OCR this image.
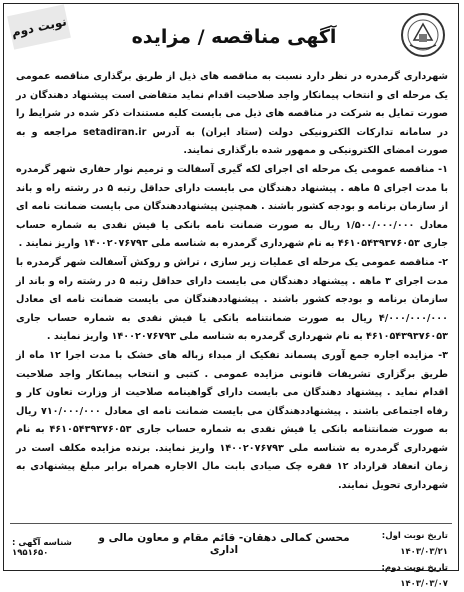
نوبت دوم	آگهی مناقصه / مزایده

شهرداری گرمدره در نظر دارد نسبت به مناقصه های ذیل از طریق برگذاری مناقصه عمومی یک مرحله ای و انتخاب پیمانکار واجد صلاحیت اقدام نماید متقاضی است پیشنهاد دهندگان در صورت تمایل به شرکت در مناقصه های ذیل می بایست کلیه مستندات ذکر شده در شرایط را در سامانه تدارکات الکترونیکی دولت (ستاد ایران) به آدرس setadiran.ir مراجعه و به صورت امضای الکترونیکی و ممهور شده بارگذاری نمایند.

۱- مناقصه عمومی یک مرحله ای اجرای لکه گیری آسفالت و ترمیم نوار حفاری شهر گرمدره با مدت اجرای ۵ ماهه . پیشنهاد دهندگان می بایست دارای حداقل رتبه ۵ در رشته راه و باند از سازمان برنامه و بودجه کشور باشند . همچنین پیشنهاددهندگان می بایست ضمانت نامه ای معادل ۱/۵۰۰/۰۰۰/۰۰۰ ریال به صورت ضمانت نامه بانکی یا فیش نقدی به شماره حساب جاری ۴۶۱۰۵۴۳۹۳۷۶۰۵۳ به نام شهرداری گرمدره به شناسه ملی ۱۴۰۰۲۰۷۶۷۹۳ واریز نمایند .

۲- مناقصه عمومی یک مرحله ای عملیات زیر سازی ، تراش و روکش آسفالت شهر گرمدره با مدت اجرای ۳ ماهه . پیشنهاد دهندگان می بایست دارای حداقل رتبه ۵ در رشته راه و باند از سازمان برنامه و بودجه کشور باشند . پیشنهاددهندگان می بایست ضمانت نامه ای معادل ۴/۰۰۰/۰۰۰/۰۰۰ ریال به صورت ضمانتنامه بانکی یا فیش نقدی به شماره حساب جاری ۴۶۱۰۵۴۳۹۳۷۶۰۵۳ به نام شهرداری گرمدره به شناسه ملی ۱۴۰۰۲۰۷۶۷۹۳ واریز نمایند .

۳- مزایده اجاره جمع آوری پسماند تفکیک از مبداء زباله های خشک با مدت اجرا ۱۲ ماه از طریق برگزاری تشریفات قانونی مزایده عمومی . کتبی و انتخاب پیمانکار واجد صلاحیت اقدام نماید . پیشنهاد دهندگان می بایست دارای گواهینامه صلاحیت از وزارت تعاون کار و رفاه اجتماعی باشند . پیشنهاددهندگان می بایست ضمانت نامه ای معادل ۷۱۰/۰۰۰/۰۰۰ ریال به صورت ضمانتنامه بانکی یا فیش نقدی به شماره حساب جاری ۴۶۱۰۵۴۳۹۳۷۶۰۵۳ به نام شهرداری گرمدره به شناسه ملی ۱۴۰۰۲۰۷۶۷۹۳ واریز نمایند. برنده مزایده مکلف است در زمان انعقاد قرارداد ۱۲ فقره چک صیادی بابت مال الاجاره همراه برابر مبلغ پیشنهادی به شهرداری تحویل نمایند.

تاریخ نوبت اول: ۱۴۰۳/۰۳/۲۱
تاریخ نوبت دوم: ۱۴۰۳/۰۳/۰۷
محسن کمالی دهقان- قائم مقام و معاون مالی و اداری
شناسه آگهی : ۱۹۵۱۶۵۰
